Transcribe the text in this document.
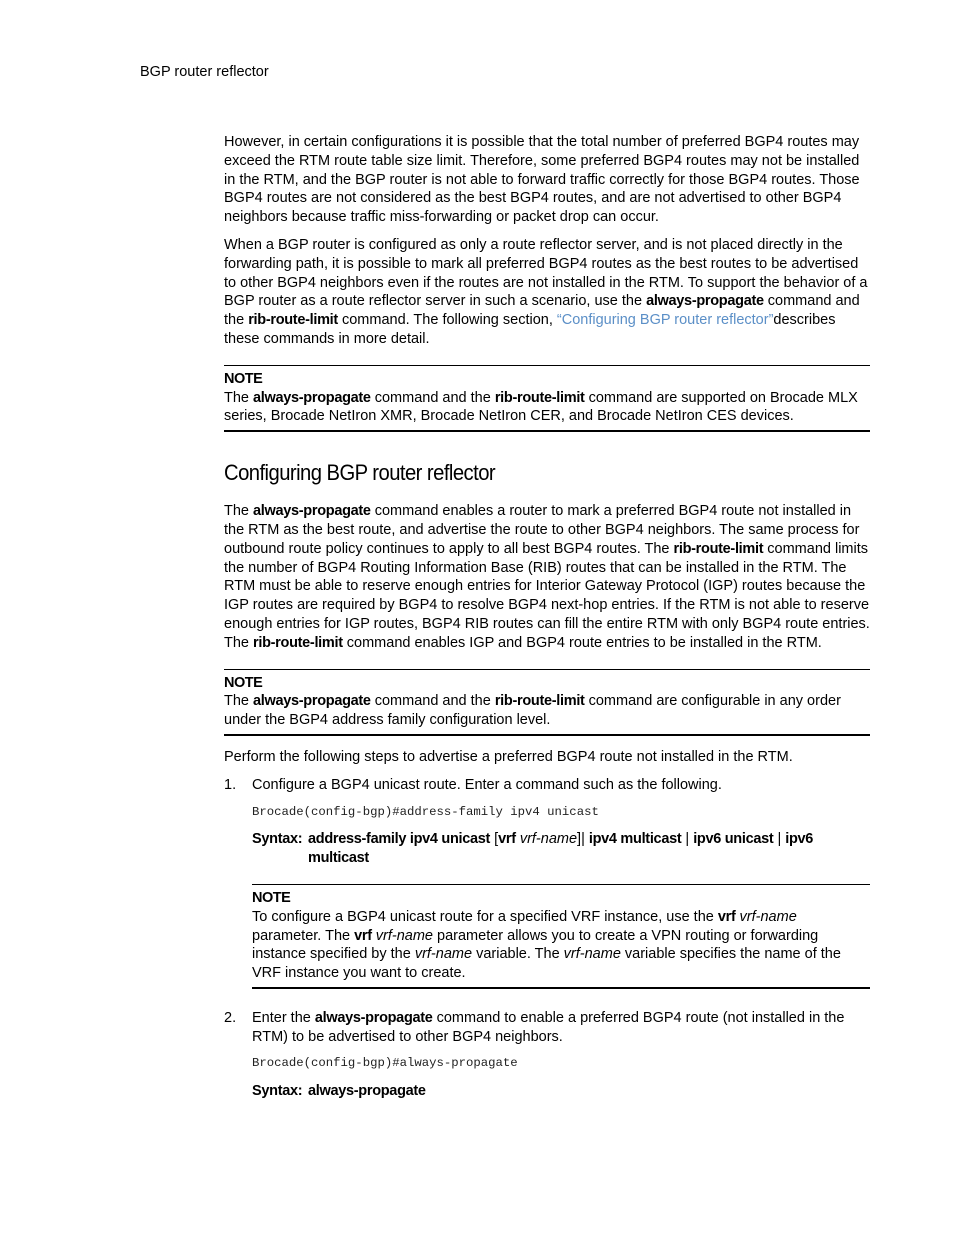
BGP router reflector

However, in certain configurations it is possible that the total number of preferred BGP4 routes may exceed the RTM route table size limit. Therefore, some preferred BGP4 routes may not be installed in the RTM, and the BGP router is not able to forward traffic correctly for those BGP4 routes. Those BGP4 routes are not considered as the best BGP4 routes, and are not advertised to other BGP4 neighbors because traffic miss-forwarding or packet drop can occur.

When a BGP router is configured as only a route reflector server, and is not placed directly in the forwarding path, it is possible to mark all preferred BGP4 routes as the best routes to be advertised to other BGP4 neighbors even if the routes are not installed in the RTM. To support the behavior of a BGP router as a route reflector server in such a scenario, use the always-propagate command and the rib-route-limit command. The following section, “Configuring BGP router reflector”describes these commands in more detail.

NOTE
The always-propagate command and the rib-route-limit command are supported on Brocade MLX series, Brocade NetIron XMR, Brocade NetIron CER, and Brocade NetIron CES devices.
Configuring BGP router reflector

The always-propagate command enables a router to mark a preferred BGP4 route not installed in the RTM as the best route, and advertise the route to other BGP4 neighbors. The same process for outbound route policy continues to apply to all best BGP4 routes. The rib-route-limit command limits the number of BGP4 Routing Information Base (RIB) routes that can be installed in the RTM. The RTM must be able to reserve enough entries for Interior Gateway Protocol (IGP) routes because the IGP routes are required by BGP4 to resolve BGP4 next-hop entries. If the RTM is not able to reserve enough entries for IGP routes, BGP4 RIB routes can fill the entire RTM with only BGP4 route entries. The rib-route-limit command enables IGP and BGP4 route entries to be installed in the RTM.

NOTE
The always-propagate command and the rib-route-limit command are configurable in any order under the BGP4 address family configuration level.

Perform the following steps to advertise a preferred BGP4 route not installed in the RTM.

1. Configure a BGP4 unicast route. Enter a command such as the following.
Brocade(config-bgp)#address-family ipv4 unicast
Syntax: address-family ipv4 unicast [vrf vrf-name]| ipv4 multicast | ipv6 unicast | ipv6 multicast
NOTE
To configure a BGP4 unicast route for a specified VRF instance, use the vrf vrf-name parameter. The vrf vrf-name parameter allows you to create a VPN routing or forwarding instance specified by the vrf-name variable. The vrf-name variable specifies the name of the VRF instance you want to create.
2. Enter the always-propagate command to enable a preferred BGP4 route (not installed in the RTM) to be advertised to other BGP4 neighbors.
Brocade(config-bgp)#always-propagate
Syntax: always-propagate
